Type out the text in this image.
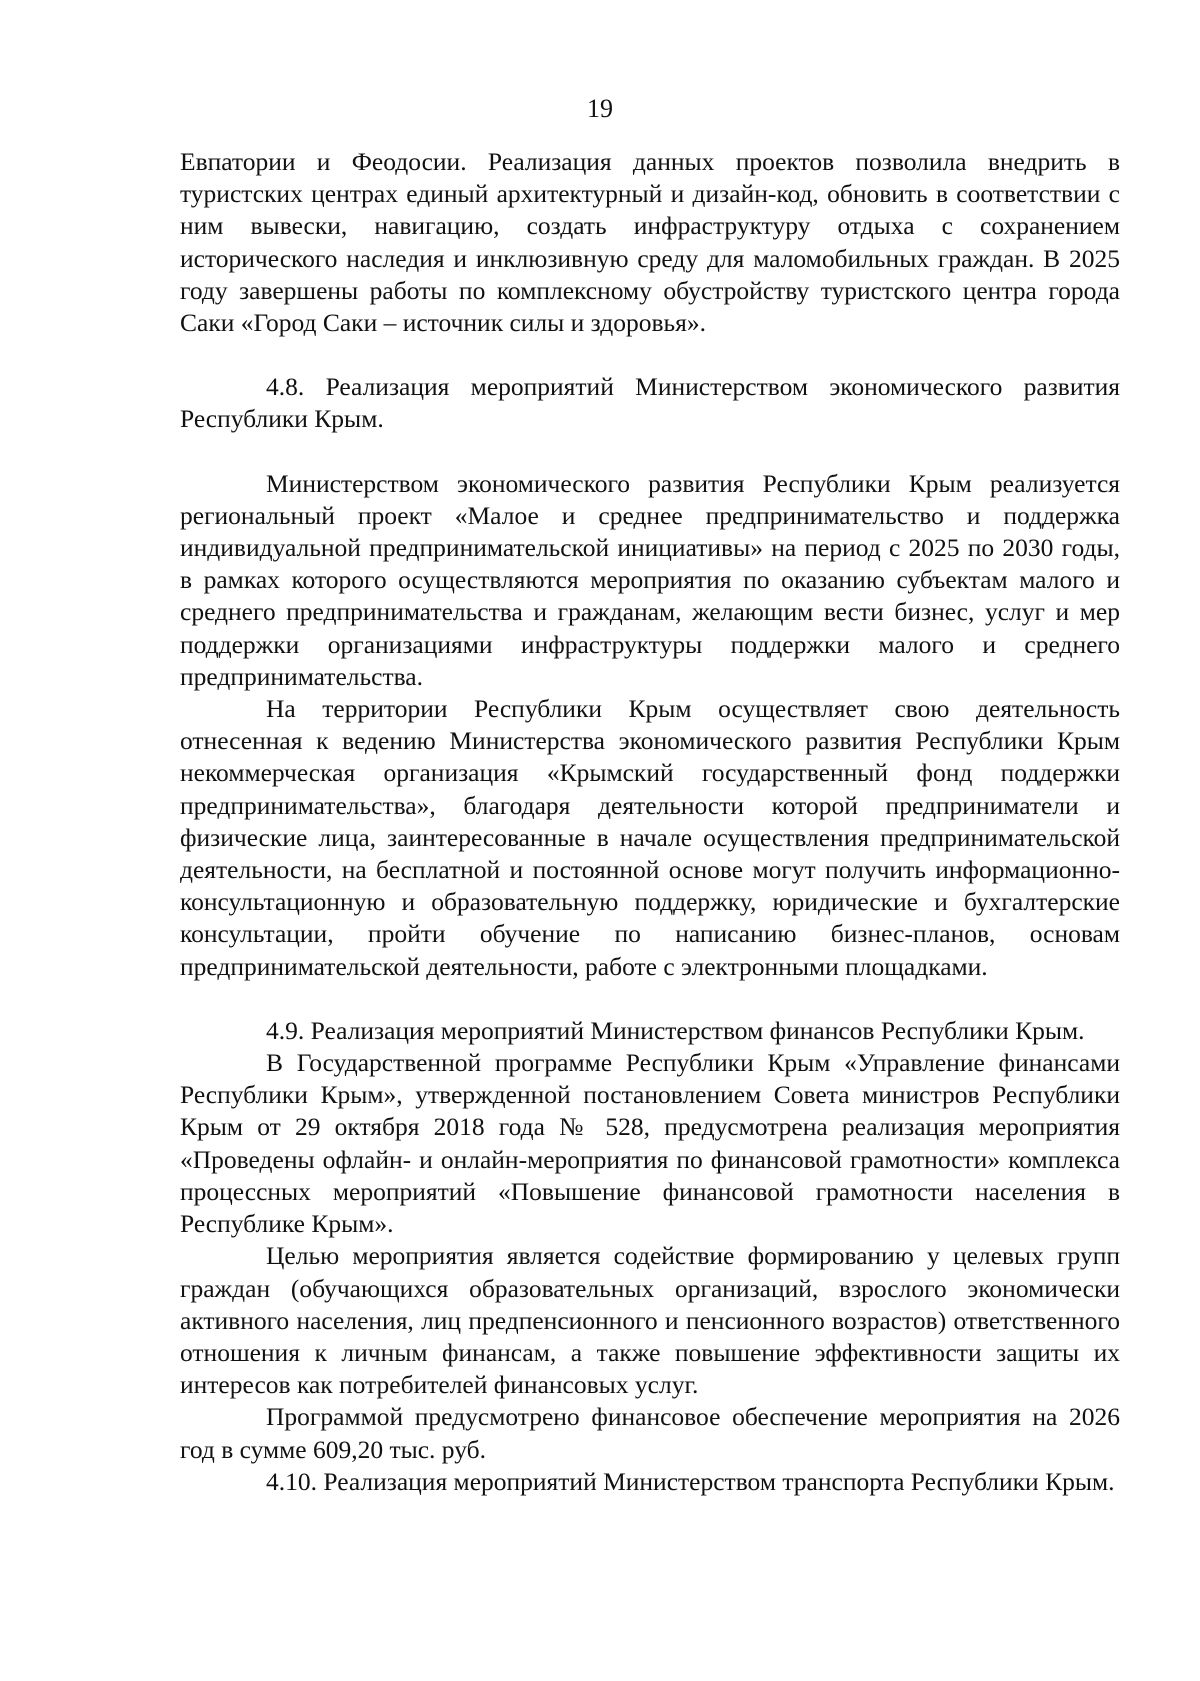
19

Евпатории и Феодосии. Реализация данных проектов позволила внедрить в туристских центрах единый архитектурный и дизайн-код, обновить в соответствии с ним вывески, навигацию, создать инфраструктуру отдыха с сохранением исторического наследия и инклюзивную среду для маломобильных граждан. В 2025 году завершены работы по комплексному обустройству туристского центра города Саки «Город Саки – источник силы и здоровья».

4.8. Реализация мероприятий Министерством экономического развития Республики Крым.

Министерством экономического развития Республики Крым реализуется региональный проект «Малое и среднее предпринимательство и поддержка индивидуальной предпринимательской инициативы» на период с 2025 по 2030 годы, в рамках которого осуществляются мероприятия по оказанию субъектам малого и среднего предпринимательства и гражданам, желающим вести бизнес, услуг и мер поддержки организациями инфраструктуры поддержки малого и среднего предпринимательства.

На территории Республики Крым осуществляет свою деятельность отнесенная к ведению Министерства экономического развития Республики Крым некоммерческая организация «Крымский государственный фонд поддержки предпринимательства», благодаря деятельности которой предприниматели и физические лица, заинтересованные в начале осуществления предпринимательской деятельности, на бесплатной и постоянной основе могут получить информационно-консультационную и образовательную поддержку, юридические и бухгалтерские консультации, пройти обучение по написанию бизнес-планов, основам предпринимательской деятельности, работе с электронными площадками.

4.9. Реализация мероприятий Министерством финансов Республики Крым.

В Государственной программе Республики Крым «Управление финансами Республики Крым», утвержденной постановлением Совета министров Республики Крым от 29 октября 2018 года № 528, предусмотрена реализация мероприятия «Проведены офлайн- и онлайн-мероприятия по финансовой грамотности» комплекса процессных мероприятий «Повышение финансовой грамотности населения в Республике Крым».

Целью мероприятия является содействие формированию у целевых групп граждан (обучающихся образовательных организаций, взрослого экономически активного населения, лиц предпенсионного и пенсионного возрастов) ответственного отношения к личным финансам, а также повышение эффективности защиты их интересов как потребителей финансовых услуг.

Программой предусмотрено финансовое обеспечение мероприятия на 2026 год в сумме 609,20 тыс. руб.

4.10. Реализация мероприятий Министерством транспорта Республики Крым.
